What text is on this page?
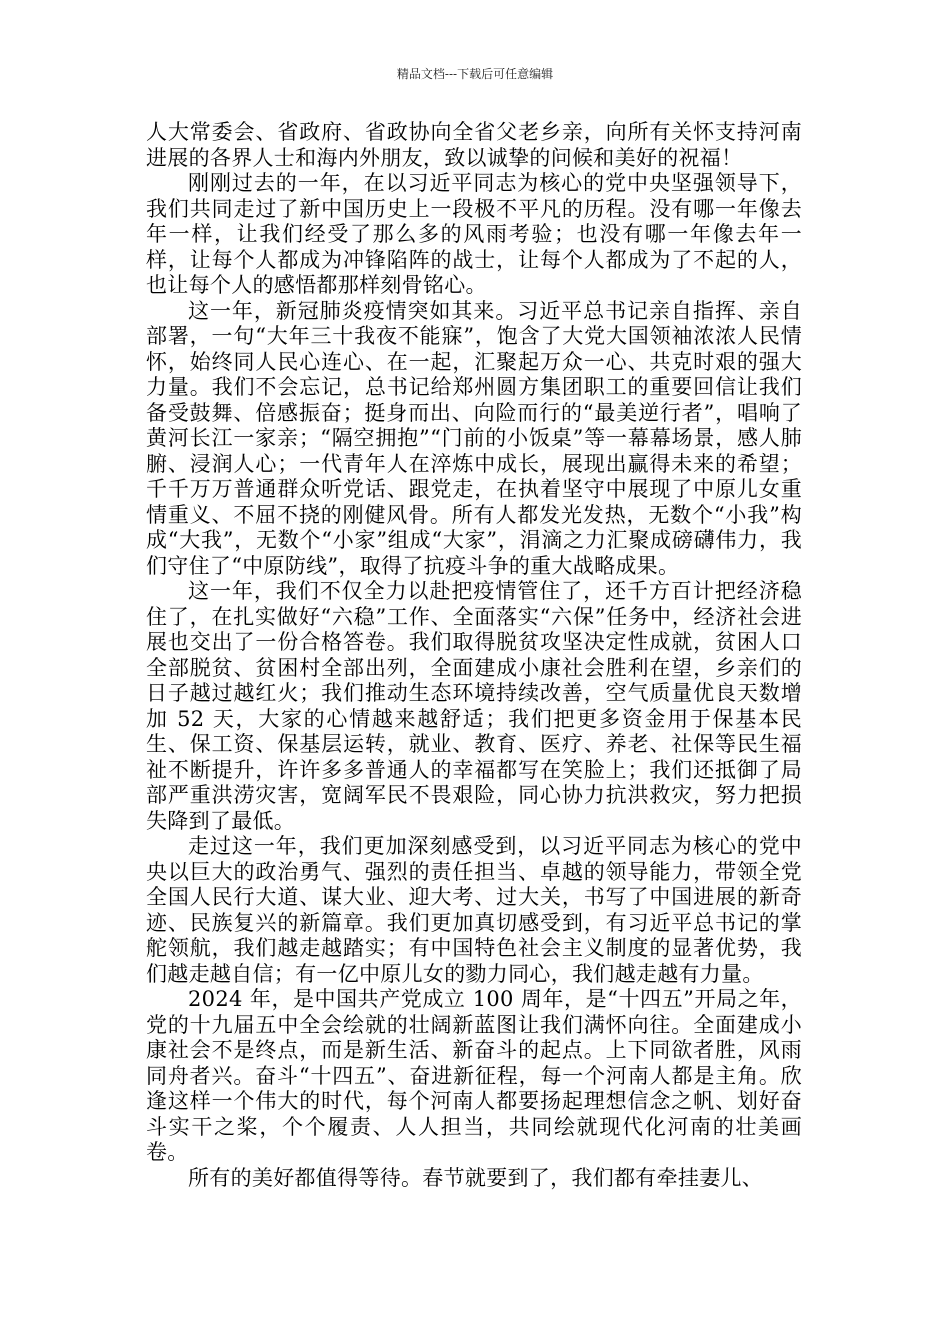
精品文档---下载后可任意编辑

人大常委会、省政府、省政协向全省父老乡亲，向所有关怀支持河南进展的各界人士和海内外朋友，致以诚挚的问候和美好的祝福！

刚刚过去的一年，在以习近平同志为核心的党中央坚强领导下，我们共同走过了新中国历史上一段极不平凡的历程。没有哪一年像去年一样，让我们经受了那么多的风雨考验；也没有哪一年像去年一样，让每个人都成为冲锋陷阵的战士，让每个人都成为了不起的人，也让每个人的感悟都那样刻骨铭心。

这一年，新冠肺炎疫情突如其来。习近平总书记亲自指挥、亲自部署，一句“大年三十我夜不能寐”，饱含了大党大国领袖浓浓人民情怀，始终同人民心连心、在一起，汇聚起万众一心、共克时艰的强大力量。我们不会忘记，总书记给郑州圆方集团职工的重要回信让我们备受鼓舞、倍感振奋；挺身而出、向险而行的“最美逆行者”，唱响了黄河长江一家亲；“隔空拥抱”“门前的小饭桌”等一幕幕场景，感人肺腑、浸润人心；一代青年人在淬炼中成长，展现出赢得未来的希望；千千万万普通群众听党话、跟党走，在执着坚守中展现了中原儿女重情重义、不屈不挠的刚健风骨。所有人都发光发热，无数个“小我”构成“大我”，无数个“小家”组成“大家”，涓滴之力汇聚成磅礴伟力，我们守住了“中原防线”，取得了抗疫斗争的重大战略成果。

这一年，我们不仅全力以赴把疫情管住了，还千方百计把经济稳住了，在扎实做好“六稳”工作、全面落实“六保”任务中，经济社会进展也交出了一份合格答卷。我们取得脱贫攻坚决定性成就，贫困人口全部脱贫、贫困村全部出列，全面建成小康社会胜利在望，乡亲们的日子越过越红火；我们推动生态环境持续改善，空气质量优良天数增加 52 天，大家的心情越来越舒适；我们把更多资金用于保基本民生、保工资、保基层运转，就业、教育、医疗、养老、社保等民生福祉不断提升，许许多多普通人的幸福都写在笑脸上；我们还抵御了局部严重洪涝灾害，宽阔军民不畏艰险，同心协力抗洪救灾，努力把损失降到了最低。

走过这一年，我们更加深刻感受到，以习近平同志为核心的党中央以巨大的政治勇气、强烈的责任担当、卓越的领导能力，带领全党全国人民行大道、谋大业、迎大考、过大关，书写了中国进展的新奇迹、民族复兴的新篇章。我们更加真切感受到，有习近平总书记的掌舵领航，我们越走越踏实；有中国特色社会主义制度的显著优势，我们越走越自信；有一亿中原儿女的勠力同心，我们越走越有力量。

2024 年，是中国共产党成立 100 周年，是“十四五”开局之年，党的十九届五中全会绘就的壮阔新蓝图让我们满怀向往。全面建成小康社会不是终点，而是新生活、新奋斗的起点。上下同欲者胜，风雨同舟者兴。奋斗“十四五”、奋进新征程，每一个河南人都是主角。欣逢这样一个伟大的时代，每个河南人都要扬起理想信念之帆、划好奋斗实干之桨，个个履责、人人担当，共同绘就现代化河南的壮美画卷。

所有的美好都值得等待。春节就要到了，我们都有牵挂妻儿、
